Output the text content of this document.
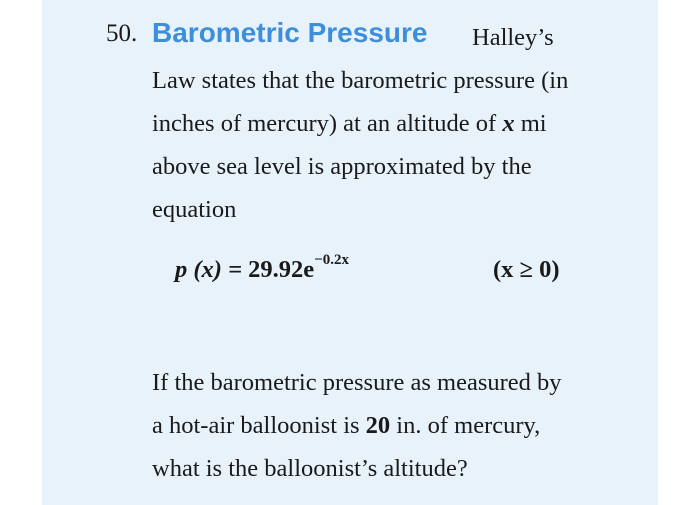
50. Barometric Pressure Halley’s
Law states that the barometric pressure (in
inches of mercury) at an altitude of x mi
above sea level is approximated by the
equation
p $(x) = 29.92e^{-0.2x}$	(x ≥ 0)
If the barometric pressure as measured by
a hot-air balloonist is 20 in. of mercury,
what is the balloonist’s altitude?
